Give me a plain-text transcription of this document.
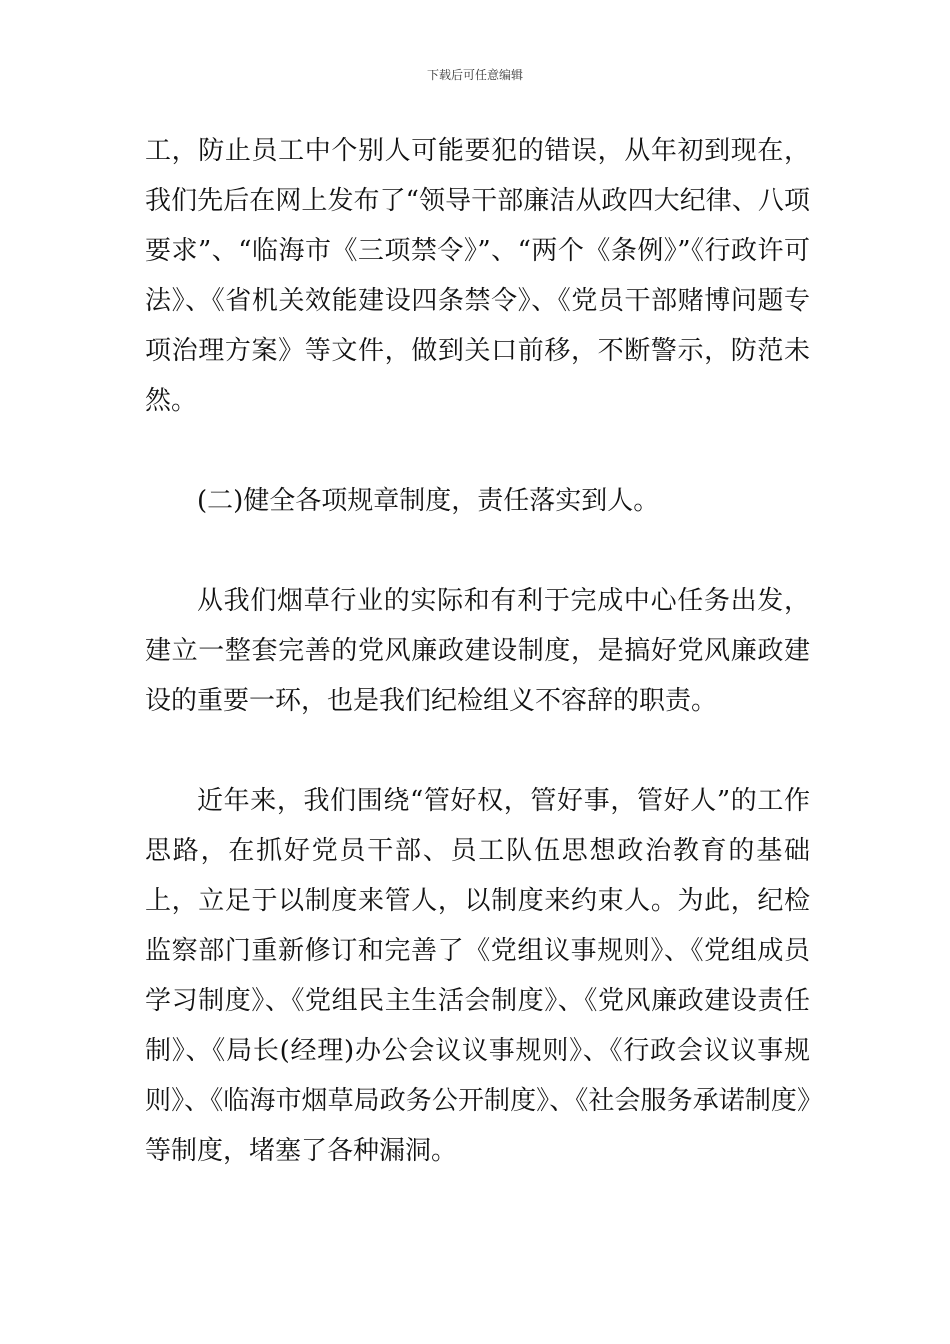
下载后可任意编辑

工，防止员工中个别人可能要犯的错误，从年初到现在，我们先后在网上发布了“领导干部廉洁从政四大纪律、八项要求”、“临海市《三项禁令》”、“两个《条例》”《行政许可法》、《省机关效能建设四条禁令》、《党员干部赌博问题专项治理方案》等文件，做到关口前移，不断警示，防范未然。

(二)健全各项规章制度，责任落实到人。

从我们烟草行业的实际和有利于完成中心任务出发，建立一整套完善的党风廉政建设制度，是搞好党风廉政建设的重要一环，也是我们纪检组义不容辞的职责。

近年来，我们围绕“管好权，管好事，管好人”的工作思路，在抓好党员干部、员工队伍思想政治教育的基础上，立足于以制度来管人，以制度来约束人。为此，纪检监察部门重新修订和完善了《党组议事规则》、《党组成员学习制度》、《党组民主生活会制度》、《党风廉政建设责任制》、《局长(经理)办公会议议事规则》、《行政会议议事规则》、《临海市烟草局政务公开制度》、《社会服务承诺制度》等制度，堵塞了各种漏洞。
